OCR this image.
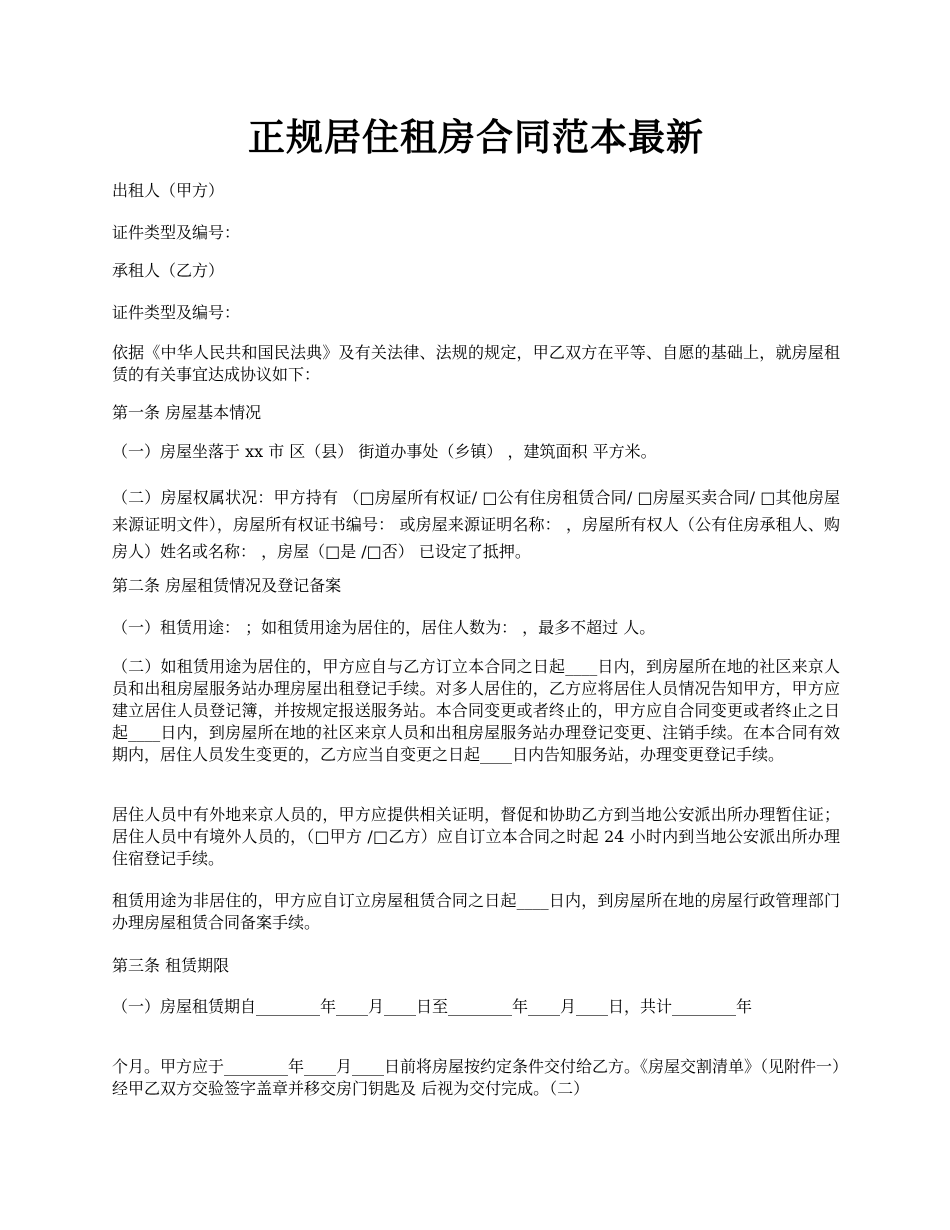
正规居住租房合同范本最新

出租人（甲方）

证件类型及编号：

承租人（乙方）

证件类型及编号：

依据《中华人民共和国民法典》及有关法律、法规的规定，甲乙双方在平等、自愿的基础上，就房屋租赁的有关事宜达成协议如下：

第一条 房屋基本情况

（一）房屋坐落于 xx 市 区（县） 街道办事处（乡镇） ，建筑面积 平方米。

（二）房屋权属状况：甲方持有 （□房屋所有权证/ □公有住房租赁合同/ □房屋买卖合同/ □其他房屋来源证明文件），房屋所有权证书编号： 或房屋来源证明名称： ，房屋所有权人（公有住房承租人、购房人）姓名或名称： ，房屋（□是 /□否） 已设定了抵押。

第二条 房屋租赁情况及登记备案

（一）租赁用途： ；如租赁用途为居住的，居住人数为： ，最多不超过 人。

（二）如租赁用途为居住的，甲方应自与乙方订立本合同之日起____日内，到房屋所在地的社区来京人员和出租房屋服务站办理房屋出租登记手续。对多人居住的，乙方应将居住人员情况告知甲方，甲方应建立居住人员登记簿，并按规定报送服务站。本合同变更或者终止的，甲方应自合同变更或者终止之日起____日内，到房屋所在地的社区来京人员和出租房屋服务站办理登记变更、注销手续。在本合同有效期内，居住人员发生变更的，乙方应当自变更之日起____日内告知服务站，办理变更登记手续。

居住人员中有外地来京人员的，甲方应提供相关证明，督促和协助乙方到当地公安派出所办理暂住证；居住人员中有境外人员的，（□甲方 /□乙方）应自订立本合同之时起 24 小时内到当地公安派出所办理住宿登记手续。

租赁用途为非居住的，甲方应自订立房屋租赁合同之日起____日内，到房屋所在地的房屋行政管理部门办理房屋租赁合同备案手续。

第三条 租赁期限

（一）房屋租赁期自________年____月____日至________年____月____日，共计________年

个月。甲方应于________年____月____日前将房屋按约定条件交付给乙方。《房屋交割清单》（见附件一）经甲乙双方交验签字盖章并移交房门钥匙及 后视为交付完成。（二）
